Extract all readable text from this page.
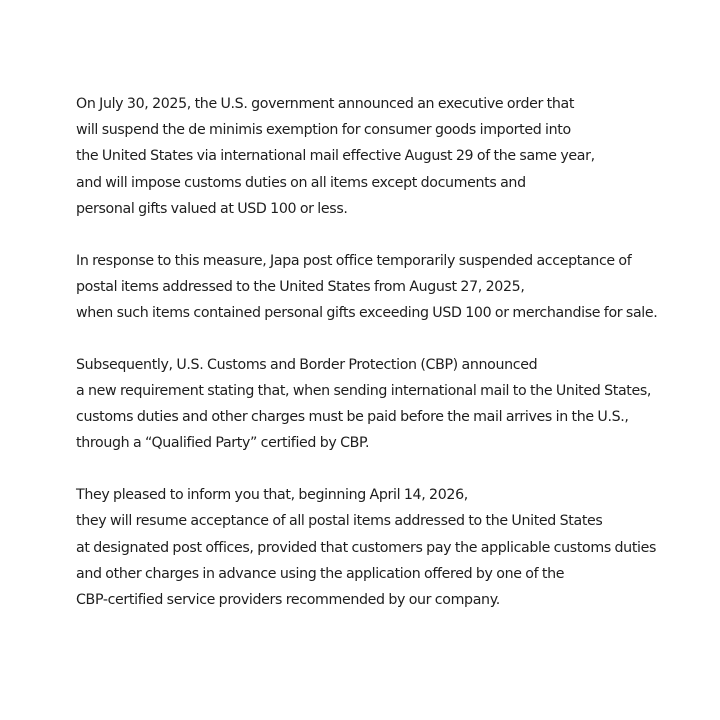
On July 30, 2025, the U.S. government announced an executive order that
will suspend the de minimis exemption for consumer goods imported into
the United States via international mail effective August 29 of the same year,
and will impose customs duties on all items except documents and
personal gifts valued at USD 100 or less.

In response to this measure, Japa post office temporarily suspended acceptance of
postal items addressed to the United States from August 27, 2025,
when such items contained personal gifts exceeding USD 100 or merchandise for sale.

Subsequently, U.S. Customs and Border Protection (CBP) announced
a new requirement stating that, when sending international mail to the United States,
customs duties and other charges must be paid before the mail arrives in the U.S.,
through a “Qualified Party” certified by CBP.

They pleased to inform you that, beginning April 14, 2026,
they will resume acceptance of all postal items addressed to the United States
at designated post offices, provided that customers pay the applicable customs duties
and other charges in advance using the application offered by one of the
CBP-certified service providers recommended by our company.
